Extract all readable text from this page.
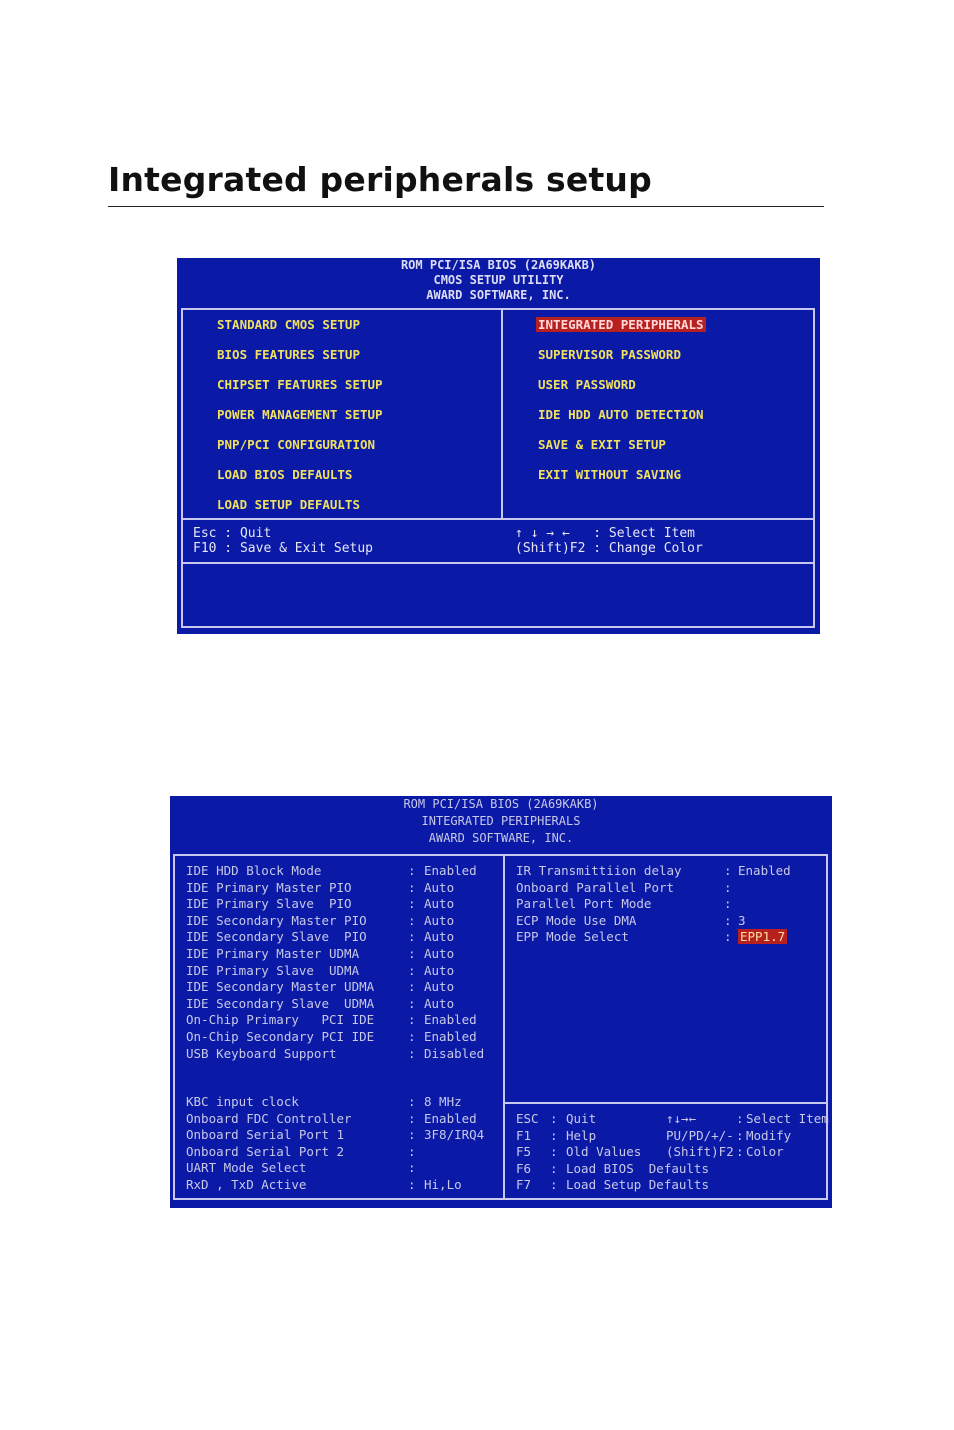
Integrated peripherals setup
ROM PCI/ISA BIOS (2A69KAKB)
CMOS SETUP UTILITY
AWARD SOFTWARE, INC.
STANDARD CMOS SETUP
BIOS FEATURES SETUP
CHIPSET FEATURES SETUP
POWER MANAGEMENT SETUP
PNP/PCI CONFIGURATION
LOAD BIOS DEFAULTS
LOAD SETUP DEFAULTS
INTEGRATED PERIPHERALS
SUPERVISOR PASSWORD
USER PASSWORD
IDE HDD AUTO DETECTION
SAVE & EXIT SETUP
EXIT WITHOUT SAVING
Esc : Quit
F10 : Save & Exit Setup
↑ ↓ → ←   : Select Item
(Shift)F2 : Change Color
ROM PCI/ISA BIOS (2A69KAKB)
INTEGRATED PERIPHERALS
AWARD SOFTWARE, INC.
IDE HDD Block Mode	: Enabled
IDE Primary Master PIO	: Auto
IDE Primary Slave  PIO	: Auto
IDE Secondary Master PIO	: Auto
IDE Secondary Slave  PIO	: Auto
IDE Primary Master UDMA	: Auto
IDE Primary Slave  UDMA	: Auto
IDE Secondary Master UDMA	: Auto
IDE Secondary Slave  UDMA	: Auto
On-Chip Primary   PCI IDE	: Enabled
On-Chip Secondary PCI IDE	: Enabled
USB Keyboard Support	: Disabled
KBC input clock	: 8 MHz
Onboard FDC Controller	: Enabled
Onboard Serial Port 1	: 3F8/IRQ4
Onboard Serial Port 2	:
UART Mode Select	:
RxD , TxD Active	: Hi,Lo
IR Transmittiion delay	: Enabled
Onboard Parallel Port	:
Parallel Port Mode	:
ECP Mode Use DMA	: 3
EPP Mode Select	: EPP1.7
ESC Quit	↑↓→←	Select Item
:	:
F1	Help	PU/PD/+/- Modify
:	:
F5	Old Values (Shift)F2 Color
:	:
F6	Load BIOS  Defaults
:
F7	Load Setup Defaults
:
